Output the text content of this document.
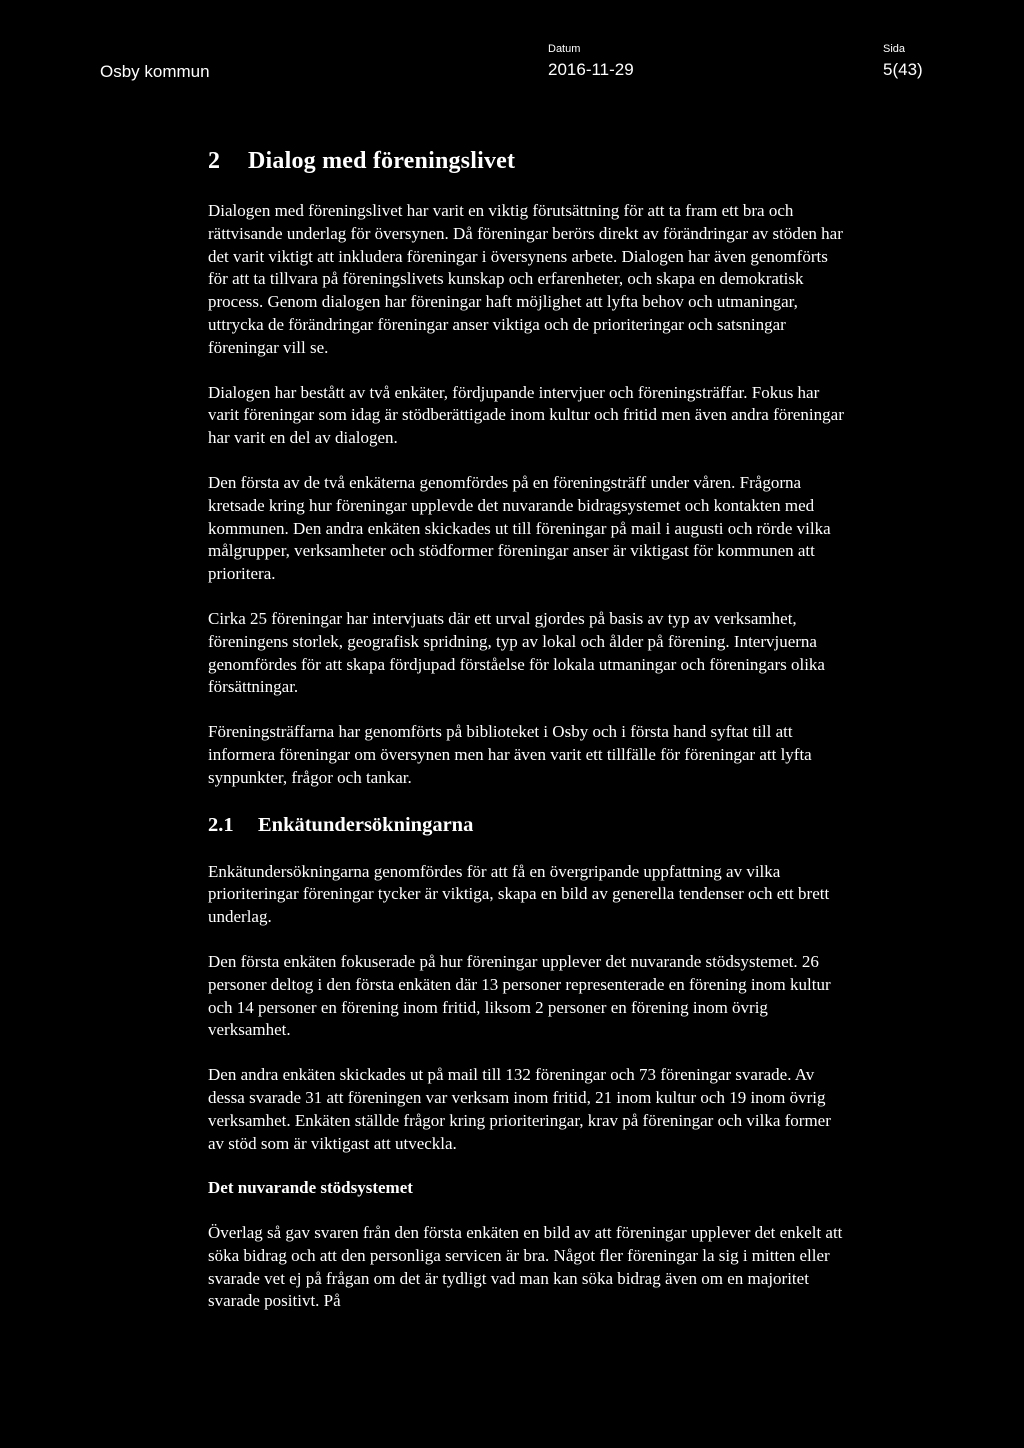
Osby kommun
Datum
2016-11-29
Sida
5(43)
2 Dialog med föreningslivet

Dialogen med föreningslivet har varit en viktig förutsättning för att ta fram ett bra och rättvisande underlag för översynen. Då föreningar berörs direkt av förändringar av stöden har det varit viktigt att inkludera föreningar i översynens arbete. Dialogen har även genomförts för att ta tillvara på föreningslivets kunskap och erfarenheter, och skapa en demokratisk process. Genom dialogen har föreningar haft möjlighet att lyfta behov och utmaningar, uttrycka de förändringar föreningar anser viktiga och de prioriteringar och satsningar föreningar vill se.

Dialogen har bestått av två enkäter, fördjupande intervjuer och föreningsträffar. Fokus har varit föreningar som idag är stödberättigade inom kultur och fritid men även andra föreningar har varit en del av dialogen.

Den första av de två enkäterna genomfördes på en föreningsträff under våren. Frågorna kretsade kring hur föreningar upplevde det nuvarande bidragsystemet och kontakten med kommunen. Den andra enkäten skickades ut till föreningar på mail i augusti och rörde vilka målgrupper, verksamheter och stödformer föreningar anser är viktigast för kommunen att prioritera.

Cirka 25 föreningar har intervjuats där ett urval gjordes på basis av typ av verksamhet, föreningens storlek, geografisk spridning, typ av lokal och ålder på förening. Intervjuerna genomfördes för att skapa fördjupad förståelse för lokala utmaningar och föreningars olika försättningar.

Föreningsträffarna har genomförts på biblioteket i Osby och i första hand syftat till att informera föreningar om översynen men har även varit ett tillfälle för föreningar att lyfta synpunkter, frågor och tankar.

2.1 Enkätundersökningarna

Enkätundersökningarna genomfördes för att få en övergripande uppfattning av vilka prioriteringar föreningar tycker är viktiga, skapa en bild av generella tendenser och ett brett underlag.

Den första enkäten fokuserade på hur föreningar upplever det nuvarande stödsystemet. 26 personer deltog i den första enkäten där 13 personer representerade en förening inom kultur och 14 personer en förening inom fritid, liksom 2 personer en förening inom övrig verksamhet.

Den andra enkäten skickades ut på mail till 132 föreningar och 73 föreningar svarade. Av dessa svarade 31 att föreningen var verksam inom fritid, 21 inom kultur och 19 inom övrig verksamhet. Enkäten ställde frågor kring prioriteringar, krav på föreningar och vilka former av stöd som är viktigast att utveckla.

Det nuvarande stödsystemet

Överlag så gav svaren från den första enkäten en bild av att föreningar upplever det enkelt att söka bidrag och att den personliga servicen är bra. Något fler föreningar la sig i mitten eller svarade vet ej på frågan om det är tydligt vad man kan söka bidrag även om en majoritet svarade positivt. På
